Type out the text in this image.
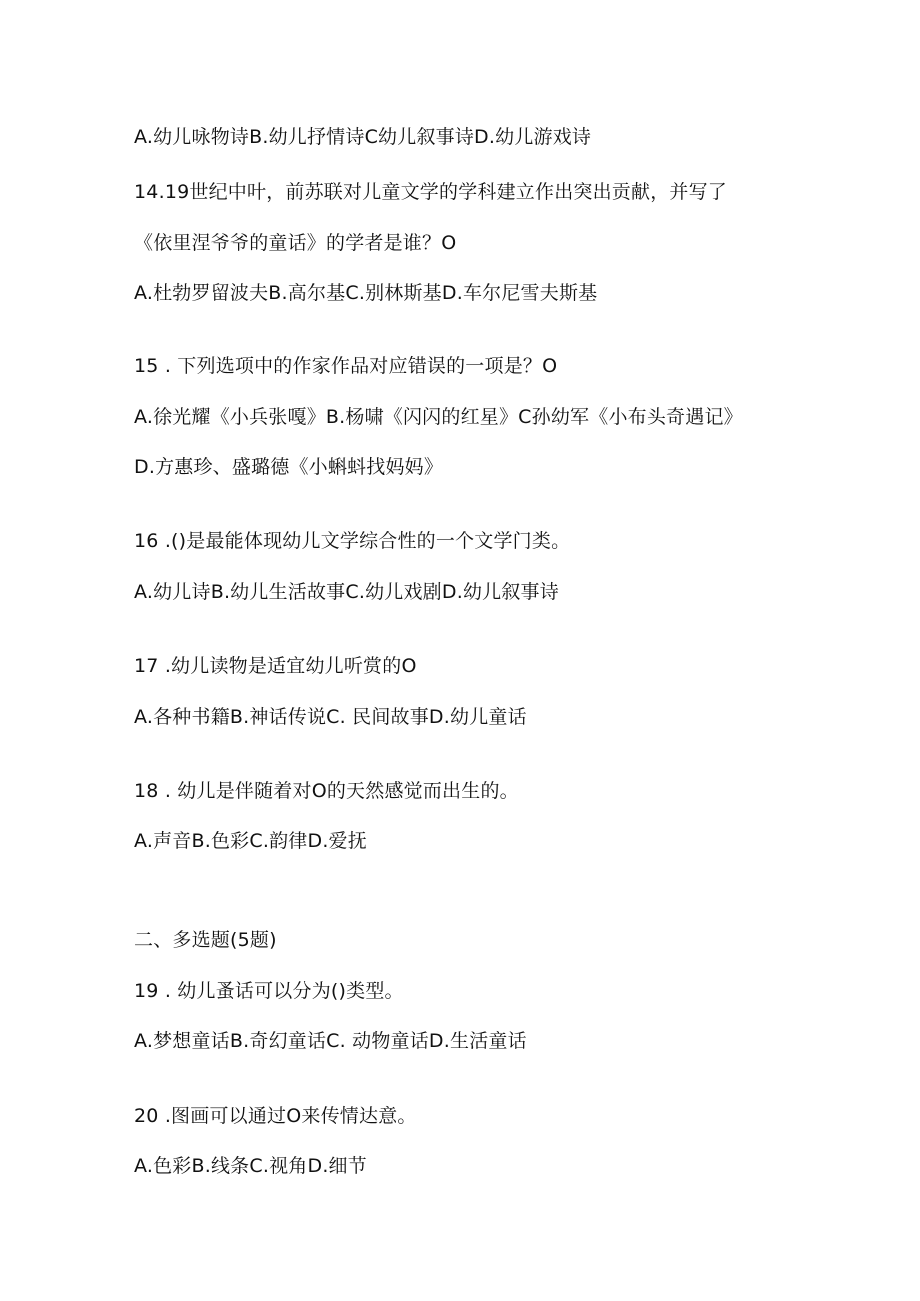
A.幼儿咏物诗B.幼儿抒情诗C幼儿叙事诗D.幼儿游戏诗
14.19世纪中叶，前苏联对儿童文学的学科建立作出突出贡献，并写了
《依里涅爷爷的童话》的学者是谁？O
A.杜勃罗留波夫B.高尔基C.别林斯基D.车尔尼雪夫斯基
15 . 下列选项中的作家作品对应错误的一项是？O
A.徐光耀《小兵张嘎》B.杨啸《闪闪的红星》C孙幼军《小布头奇遇记》
D.方惠珍、盛璐德《小蝌蚪找妈妈》
16 .()是最能体现幼儿文学综合性的一个文学门类。
A.幼儿诗B.幼儿生活故事C.幼儿戏剧D.幼儿叙事诗
17 .幼儿读物是适宜幼儿听赏的O
A.各种书籍B.神话传说C. 民间故事D.幼儿童话
18 . 幼儿是伴随着对O的天然感觉而出生的。
A.声音B.色彩C.韵律D.爱抚
二、多选题(5题)
19 . 幼儿蚤话可以分为()类型。
A.梦想童话B.奇幻童话C. 动物童话D.生活童话
20 .图画可以通过O来传情达意。
A.色彩B.线条C.视角D.细节
